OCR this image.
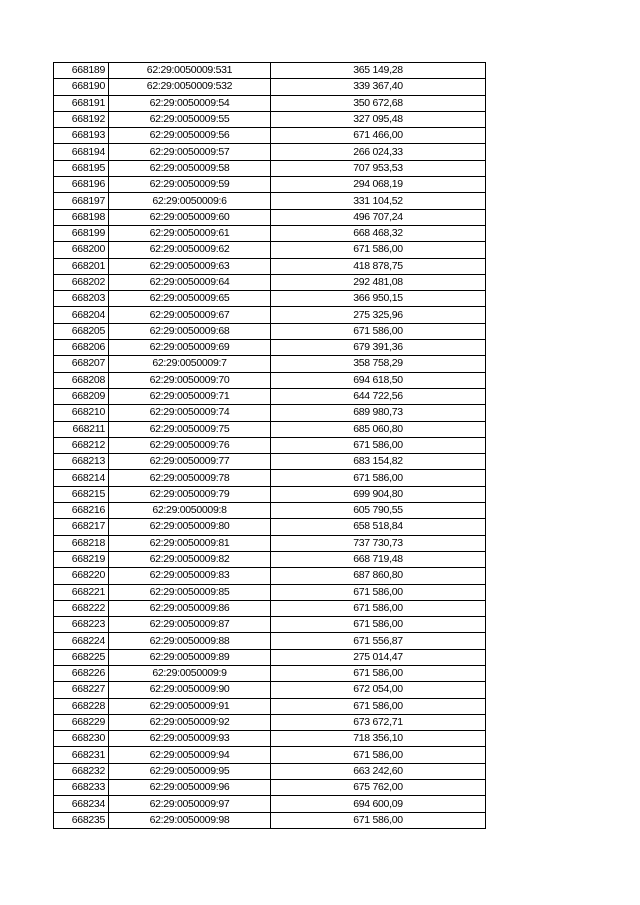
668189	62:29:0050009:531	365 149,28
668190	62:29:0050009:532	339 367,40
668191	62:29:0050009:54	350 672,68
668192	62:29:0050009:55	327 095,48
668193	62:29:0050009:56	671 466,00
668194	62:29:0050009:57	266 024,33
668195	62:29:0050009:58	707 953,53
668196	62:29:0050009:59	294 068,19
668197	62:29:0050009:6	331 104,52
668198	62:29:0050009:60	496 707,24
668199	62:29:0050009:61	668 468,32
668200	62:29:0050009:62	671 586,00
668201	62:29:0050009:63	418 878,75
668202	62:29:0050009:64	292 481,08
668203	62:29:0050009:65	366 950,15
668204	62:29:0050009:67	275 325,96
668205	62:29:0050009:68	671 586,00
668206	62:29:0050009:69	679 391,36
668207	62:29:0050009:7	358 758,29
668208	62:29:0050009:70	694 618,50
668209	62:29:0050009:71	644 722,56
668210	62:29:0050009:74	689 980,73
668211	62:29:0050009:75	685 060,80
668212	62:29:0050009:76	671 586,00
668213	62:29:0050009:77	683 154,82
668214	62:29:0050009:78	671 586,00
668215	62:29:0050009:79	699 904,80
668216	62:29:0050009:8	605 790,55
668217	62:29:0050009:80	658 518,84
668218	62:29:0050009:81	737 730,73
668219	62:29:0050009:82	668 719,48
668220	62:29:0050009:83	687 860,80
668221	62:29:0050009:85	671 586,00
668222	62:29:0050009:86	671 586,00
668223	62:29:0050009:87	671 586,00
668224	62:29:0050009:88	671 556,87
668225	62:29:0050009:89	275 014,47
668226	62:29:0050009:9	671 586,00
668227	62:29:0050009:90	672 054,00
668228	62:29:0050009:91	671 586,00
668229	62:29:0050009:92	673 672,71
668230	62:29:0050009:93	718 356,10
668231	62:29:0050009:94	671 586,00
668232	62:29:0050009:95	663 242,60
668233	62:29:0050009:96	675 762,00
668234	62:29:0050009:97	694 600,09
668235	62:29:0050009:98	671 586,00
